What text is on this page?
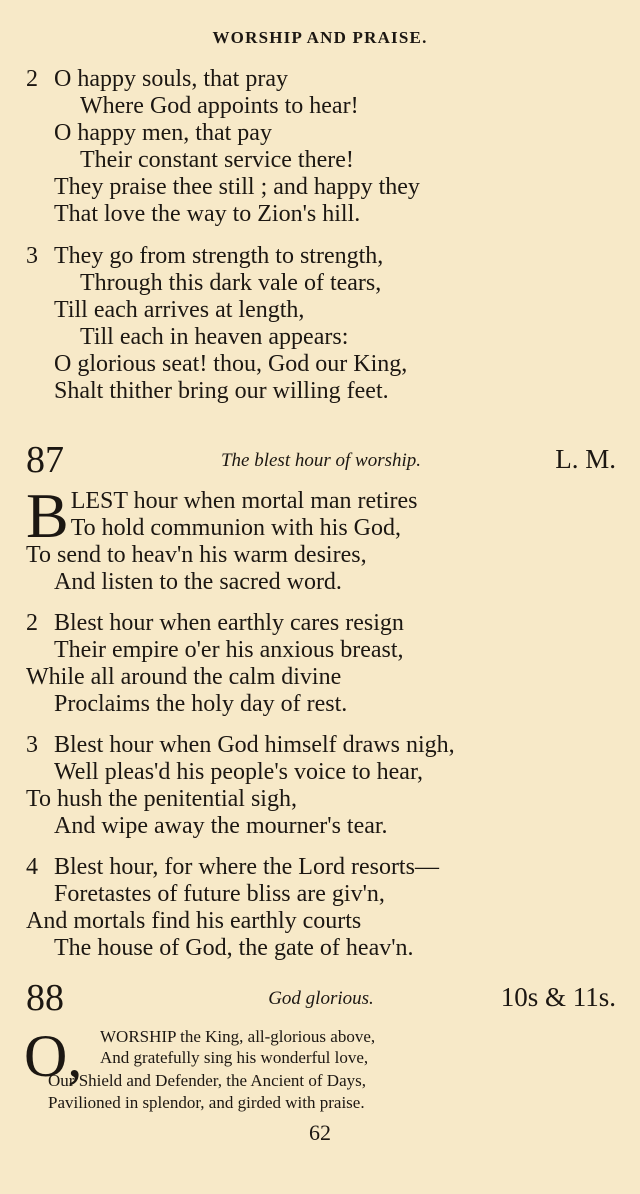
WORSHIP AND PRAISE.
2 O happy souls, that pray
Where God appoints to hear!
O happy men, that pay
Their constant service there!
They praise thee still ; and happy they
That love the way to Zion's hill.
3 They go from strength to strength,
Through this dark vale of tears,
Till each arrives at length,
Till each in heaven appears:
O glorious seat! thou, God our King,
Shalt thither bring our willing feet.
87	The blest hour of worship.	L. M.
B LEST hour when mortal man retires
To hold communion with his God,
To send to heav'n his warm desires,
And listen to the sacred word.
2 Blest hour when earthly cares resign
Their empire o'er his anxious breast,
While all around the calm divine
Proclaims the holy day of rest.
3 Blest hour when God himself draws nigh,
Well pleas'd his people's voice to hear,
To hush the penitential sigh,
And wipe away the mourner's tear.
4 Blest hour, for where the Lord resorts—
Foretastes of future bliss are giv'n,
And mortals find his earthly courts
The house of God, the gate of heav'n.
88	God glorious.	10s & 11s.
O, WORSHIP the King, all-glorious above,
And gratefully sing his wonderful love,
Our Shield and Defender, the Ancient of Days,
Pavilioned in splendor, and girded with praise.
62
